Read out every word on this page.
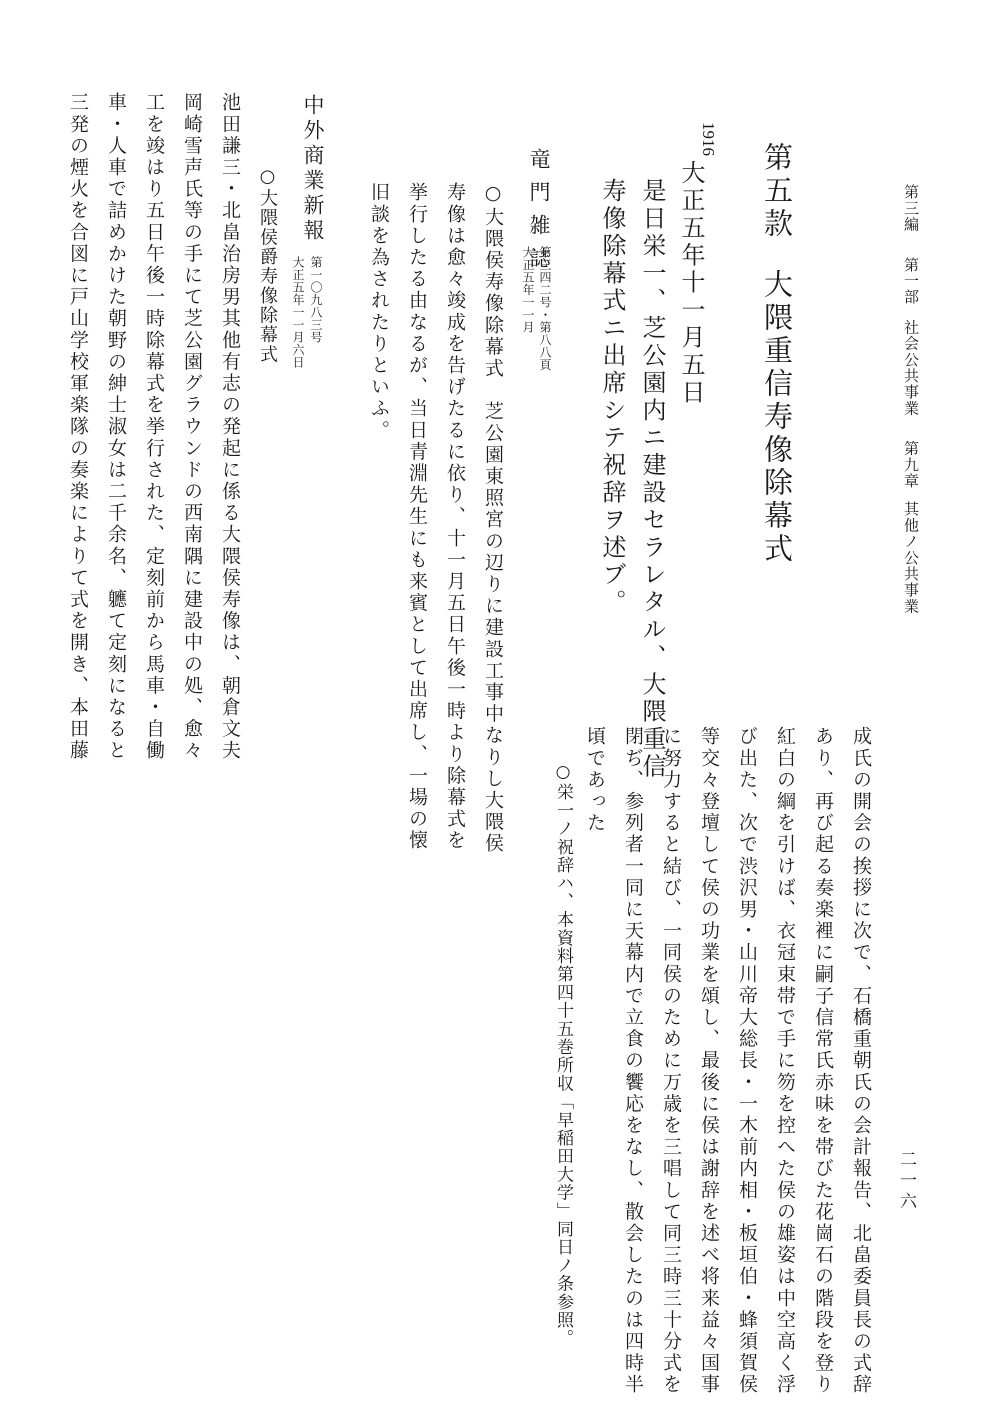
第三編第一部社会公共事業第九章其他ノ公共事業
二一六
第五款大隈重信寿像除幕式
1916
大正五年十一月五日
是日栄一、芝公園内ニ建設セラレタル、大隈重信
寿像除幕式ニ出席シテ祝辞ヲ述ブ。
竜門雑誌
第三四二号・第八八頁
大正五年一一月
○大隈侯寿像除幕式　芝公園東照宮の辺りに建設工事中なりし大隈侯
寿像は愈々竣成を告げたるに依り、十一月五日午後一時より除幕式を
挙行したる由なるが、当日青淵先生にも来賓として出席し、一場の懐
旧談を為されたりといふ。
中外商業新報
第一〇九八三号
大正五年一一月六日
○大隈侯爵寿像除幕式
池田謙三・北畠治房男其他有志の発起に係る大隈侯寿像は、朝倉文夫
岡崎雪声氏等の手にて芝公園グラウンドの西南隅に建設中の処、愈々
工を竣はり五日午後一時除幕式を挙行された、定刻前から馬車・自働
車・人車で詰めかけた朝野の紳士淑女は二千余名、軈て定刻になると
三発の煙火を合図に戸山学校軍楽隊の奏楽によりて式を開き、本田藤
成氏の開会の挨拶に次で、石橋重朝氏の会計報告、北畠委員長の式辞
あり、再び起る奏楽裡に嗣子信常氏赤味を帯びた花崗石の階段を登り
紅白の綱を引けば、衣冠束帯で手に笏を控へた侯の雄姿は中空高く浮
び出た、次で渋沢男・山川帝大総長・一木前内相・板垣伯・蜂須賀侯
等交々登壇して侯の功業を頌し、最後に侯は謝辞を述べ将来益々国事
に努力すると結び、一同侯のために万歳を三唱して同三時三十分式を
閉ぢ、参列者一同に天幕内で立食の饗応をなし、散会したのは四時半
頃であった
○栄一ノ祝辞ハ、本資料第四十五巻所収「早稲田大学」同日ノ条参照。
